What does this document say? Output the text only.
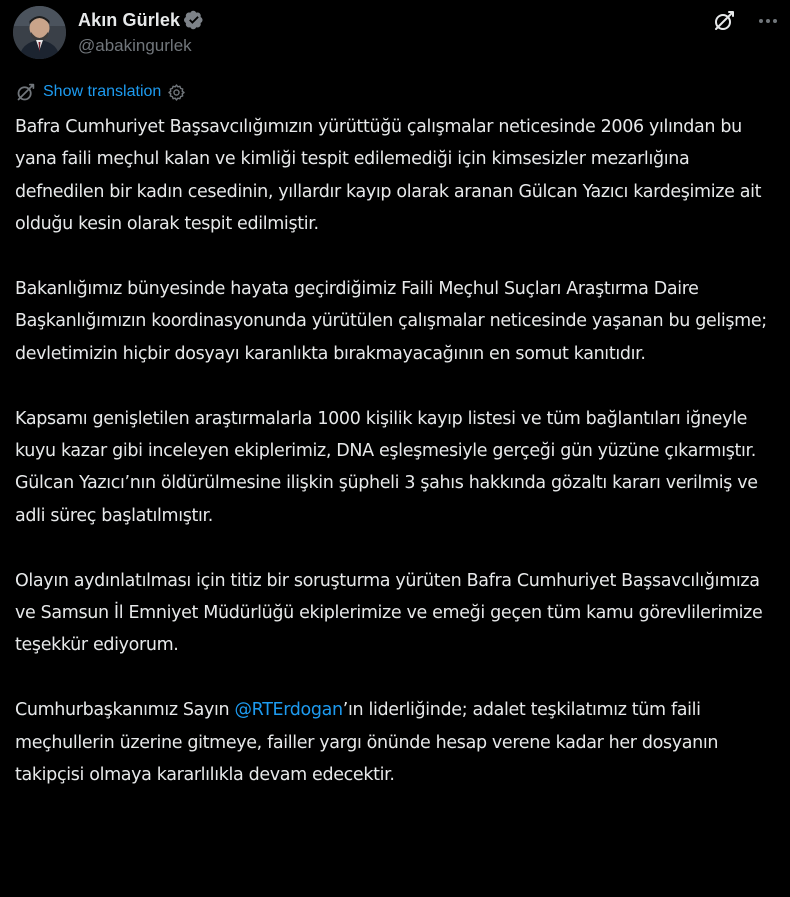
Akın Gürlek
@abakingurlek
Show translation

Bafra Cumhuriyet Başsavcılığımızın yürüttüğü çalışmalar neticesinde 2006 yılından bu yana faili meçhul kalan ve kimliği tespit edilemediği için kimsesizler mezarlığına defnedilen bir kadın cesedinin, yıllardır kayıp olarak aranan Gülcan Yazıcı kardeşimize ait olduğu kesin olarak tespit edilmiştir.

Bakanlığımız bünyesinde hayata geçirdiğimiz Faili Meçhul Suçları Araştırma Daire Başkanlığımızın koordinasyonunda yürütülen çalışmalar neticesinde yaşanan bu gelişme; devletimizin hiçbir dosyayı karanlıkta bırakmayacağının en somut kanıtıdır.

Kapsamı genişletilen araştırmalarla 1000 kişilik kayıp listesi ve tüm bağlantıları iğneyle kuyu kazar gibi inceleyen ekiplerimiz, DNA eşleşmesiyle gerçeği gün yüzüne çıkarmıştır. Gülcan Yazıcı’nın öldürülmesine ilişkin şüpheli 3 şahıs hakkında gözaltı kararı verilmiş ve adli süreç başlatılmıştır.

Olayın aydınlatılması için titiz bir soruşturma yürüten Bafra Cumhuriyet Başsavcılığımıza ve Samsun İl Emniyet Müdürlüğü ekiplerimize ve emeği geçen tüm kamu görevlilerimize teşekkür ediyorum.

Cumhurbaşkanımız Sayın @RTErdogan’ın liderliğinde; adalet teşkilatımız tüm faili meçhullerin üzerine gitmeye, failler yargı önünde hesap verene kadar her dosyanın takipçisi olmaya kararlılıkla devam edecektir.
